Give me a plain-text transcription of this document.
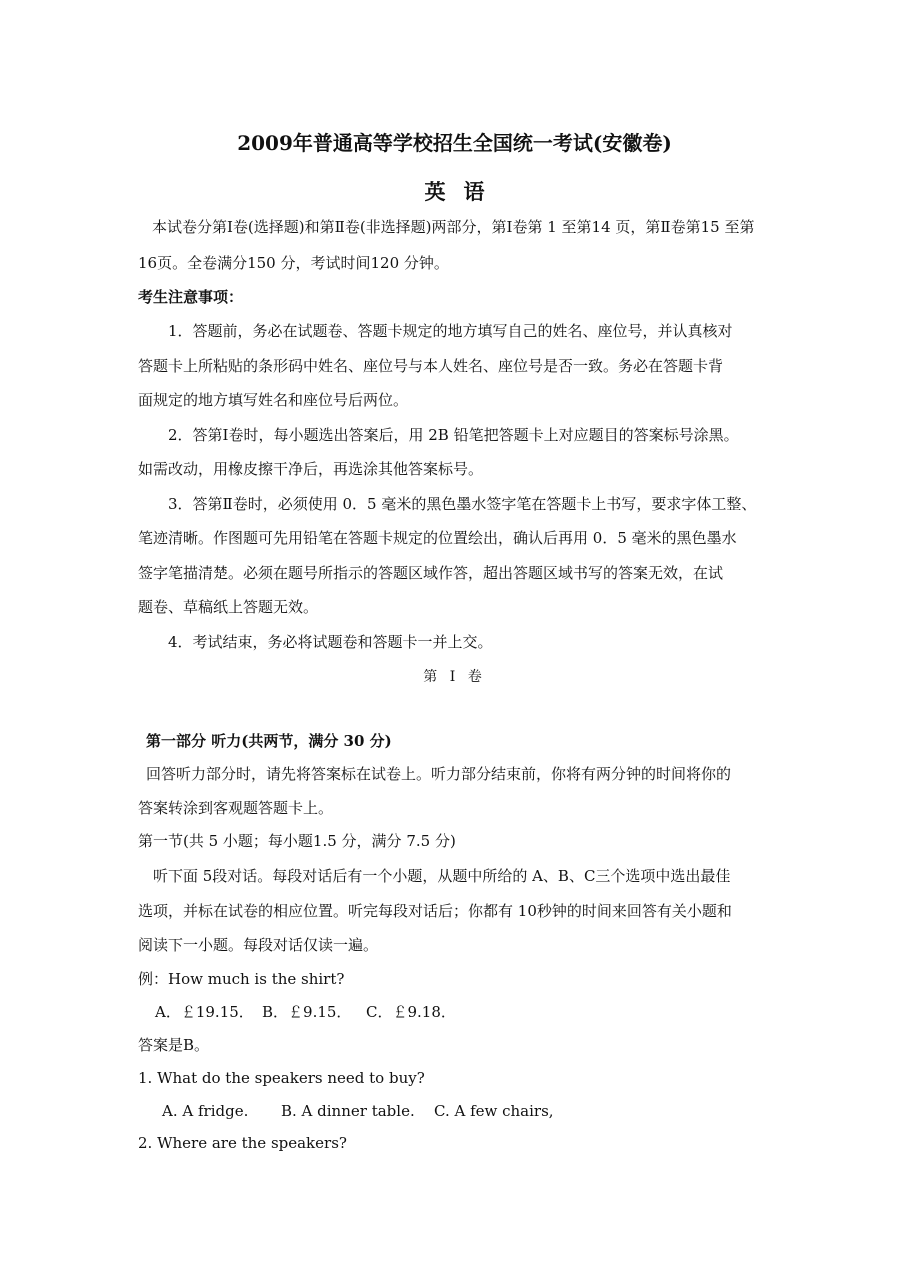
2009年普通高等学校招生全国统一考试(安徽卷)
英语
本试卷分第Ⅰ卷(选择题)和第Ⅱ卷(非选择题)两部分，第Ⅰ卷第 1 至第14 页，第Ⅱ卷第15 至第
16页。全卷满分150 分，考试时间120 分钟。
考生注意事项：
1．答题前，务必在试题卷、答题卡规定的地方填写自己的姓名、座位号，并认真核对
答题卡上所粘贴的条形码中姓名、座位号与本人姓名、座位号是否一致。务必在答题卡背
面规定的地方填写姓名和座位号后两位。
2．答第Ⅰ卷时，每小题选出答案后，用 2B 铅笔把答题卡上对应题目的答案标号涂黑。
如需改动，用橡皮擦干净后，再选涂其他答案标号。
3．答第Ⅱ卷时，必须使用 0．5 毫米的黑色墨水签字笔在答题卡上书写，要求字体工整、
笔迹清晰。作图题可先用铅笔在答题卡规定的位置绘出，确认后再用 0．5 毫米的黑色墨水
签字笔描清楚。必须在题号所指示的答题区域作答，超出答题区域书写的答案无效，在试
题卷、草稿纸上答题无效。
4．考试结束，务必将试题卷和答题卡一并上交。
第 I 卷
第一部分 听力(共两节，满分 30 分)
回答听力部分时，请先将答案标在试卷上。听力部分结束前，你将有两分钟的时间将你的
答案转涂到客观题答题卡上。
第一节(共 5 小题；每小题1.5 分，满分 7.5 分)
听下面 5段对话。每段对话后有一个小题，从题中所给的 A、B、C三个选项中选出最佳
选项，并标在试卷的相应位置。听完每段对话后；你都有 10秒钟的时间来回答有关小题和
阅读下一小题。每段对话仅读一遍。
例：How much is the shirt?
A．￡19.15． B．￡9.15． C．￡9.18．
答案是B。
1. What do the speakers need to buy?
A. A fridge. B. A dinner table. C. A few chairs,
2. Where are the speakers?
